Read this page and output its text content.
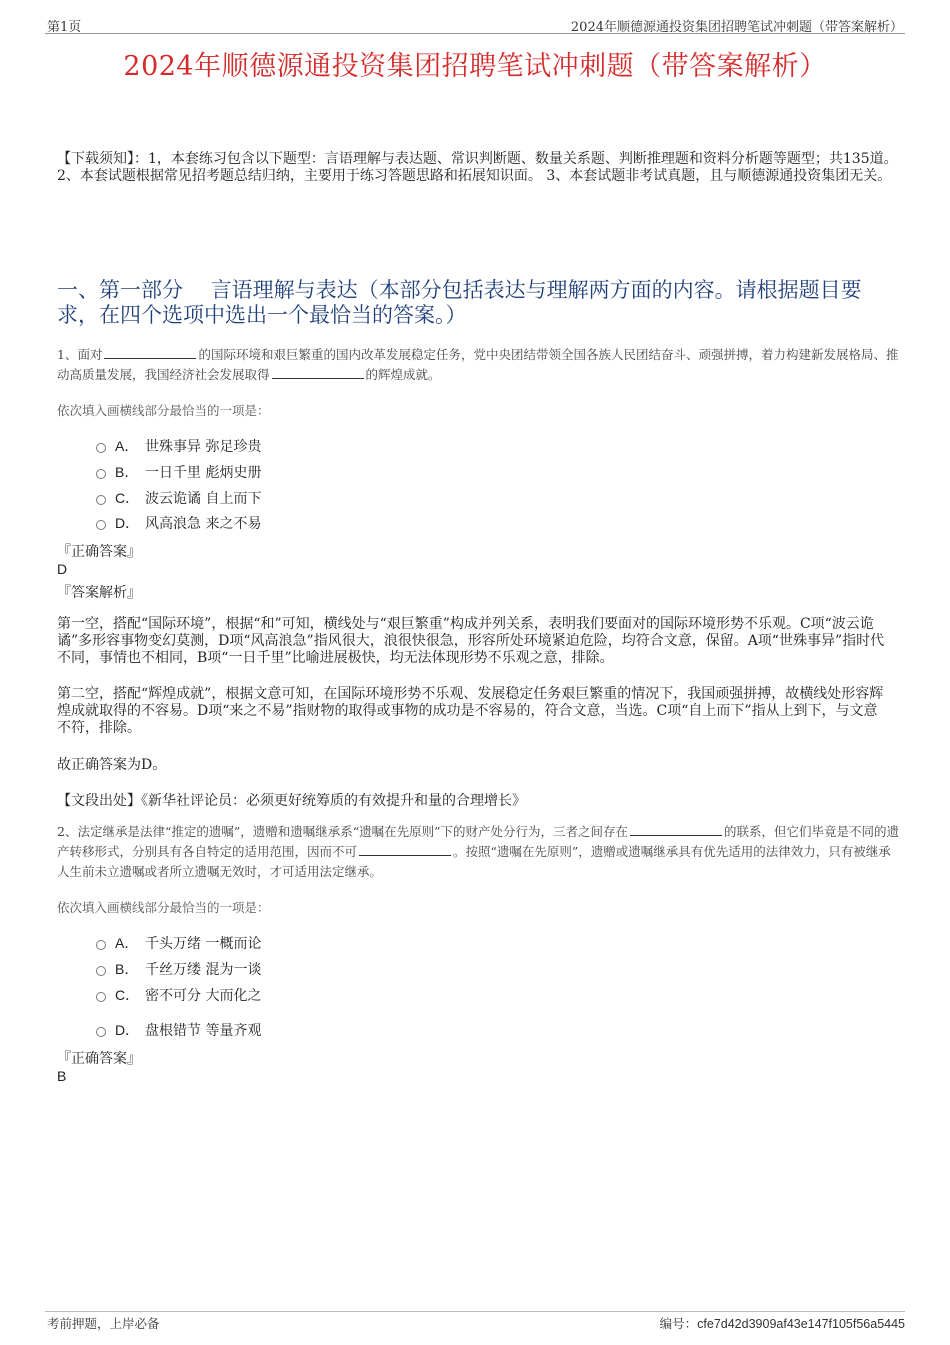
第1页	2024年顺德源通投资集团招聘笔试冲刺题（带答案解析）
2024年顺德源通投资集团招聘笔试冲刺题（带答案解析）
【下载须知】：1，本套练习包含以下题型：言语理解与表达题、常识判断题、数量关系题、判断推理题和资料分析题等题型；共135道。 2、本套试题根据常见招考题总结归纳，主要用于练习答题思路和拓展知识面。 3、本套试题非考试真题，且与顺德源通投资集团无关。
一、第一部分　 言语理解与表达（本部分包括表达与理解两方面的内容。请根据题目要求，在四个选项中选出一个最恰当的答案。）
1、面对	的国际环境和艰巨繁重的国内改革发展稳定任务，党中央团结带领全国各族人民团结奋斗、顽强拼搏，着力构建新发展格局、推动高质量发展，我国经济社会发展取得	的辉煌成就。
依次填入画横线部分最恰当的一项是：
A． 世殊事异 弥足珍贵
B． 一日千里 彪炳史册
C． 波云诡谲 自上而下
D． 风高浪急 来之不易
『正确答案』
D
『答案解析』
第一空，搭配“国际环境”，根据“和”可知，横线处与“艰巨繁重”构成并列关系，表明我们要面对的国际环境形势不乐观。C项“波云诡谲”多形容事物变幻莫测，D项“风高浪急”指风很大，浪很快很急，形容所处环境紧迫危险，均符合文意，保留。A项“世殊事异”指时代不同，事情也不相同，B项“一日千里”比喻进展极快，均无法体现形势不乐观之意，排除。
第二空，搭配“辉煌成就”，根据文意可知，在国际环境形势不乐观、发展稳定任务艰巨繁重的情况下，我国顽强拼搏，故横线处形容辉煌成就取得的不容易。D项“来之不易”指财物的取得或事物的成功是不容易的，符合文意，当选。C项“自上而下”指从上到下，与文意不符，排除。
故正确答案为D。
【文段出处】《新华社评论员：必须更好统筹质的有效提升和量的合理增长》
2、法定继承是法律“推定的遗嘱”，遗赠和遗嘱继承系“遗嘱在先原则”下的财产处分行为，三者之间存在	的联系，但它们毕竟是不同的遗产转移形式，分别具有各自特定的适用范围，因而不可	。按照“遗嘱在先原则”，遗赠或遗嘱继承具有优先适用的法律效力，只有被继承人生前未立遗嘱或者所立遗嘱无效时，才可适用法定继承。
依次填入画横线部分最恰当的一项是：
A． 千头万绪 一概而论
B． 千丝万缕 混为一谈
C． 密不可分 大而化之
D． 盘根错节 等量齐观
『正确答案』
B
考前押题，上岸必备	编号：cfe7d42d3909af43e147f105f56a5445
